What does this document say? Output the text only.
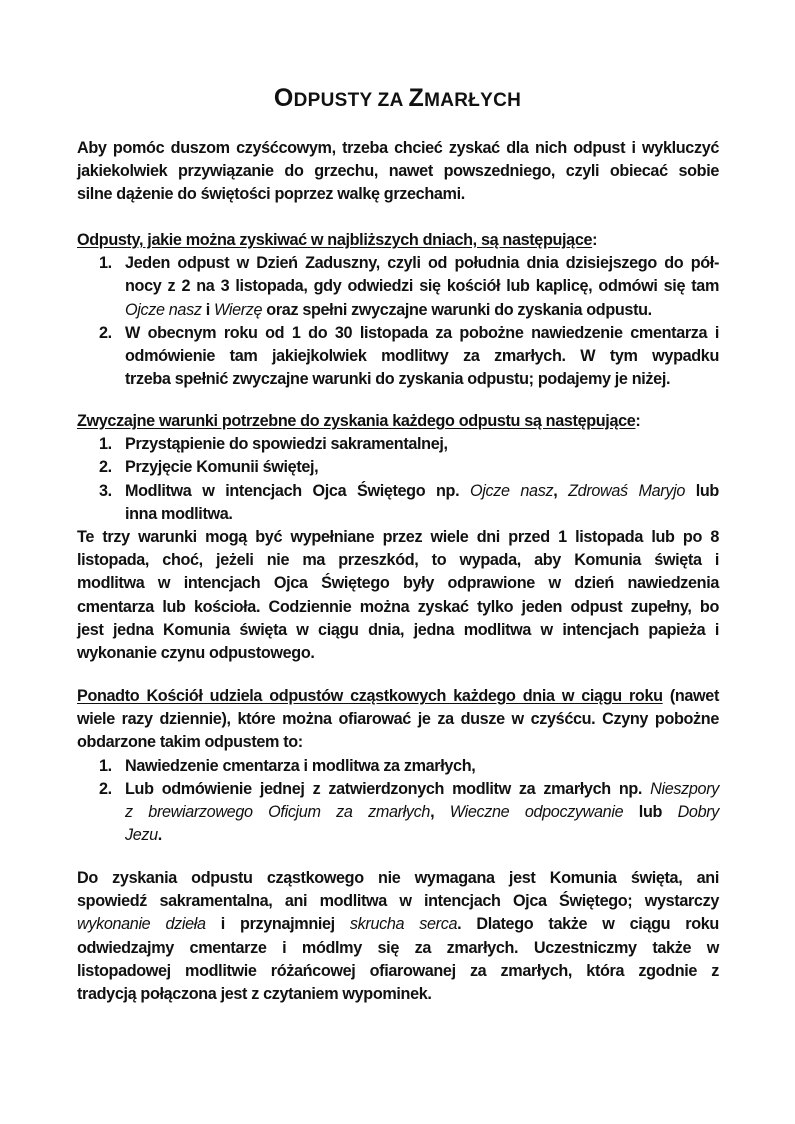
ODPUSTY ZA ZMARŁYCH
Aby pomóc duszom czyśćcowym, trzeba chcieć zyskać dla nich odpust i wykluczyć
jakiekolwiek przywiązanie do grzechu, nawet powszedniego, czyli obiecać sobie
silne dążenie do świętości poprzez walkę grzechami.
Odpusty, jakie można zyskiwać w najbliższych dniach, są następujące:
1. Jeden odpust w Dzień Zaduszny, czyli od południa dnia dzisiejszego do pół-
nocy z 2 na 3 listopada, gdy odwiedzi się kościół lub kaplicę, odmówi się tam
Ojcze nasz i Wierzę oraz spełni zwyczajne warunki do zyskania odpustu.
2. W obecnym roku od 1 do 30 listopada za pobożne nawiedzenie cmentarza i
odmówienie tam jakiejkolwiek modlitwy za zmarłych. W tym wypadku
trzeba spełnić zwyczajne warunki do zyskania odpustu; podajemy je niżej.
Zwyczajne warunki potrzebne do zyskania każdego odpustu są następujące:
1. Przystąpienie do spowiedzi sakramentalnej,
2. Przyjęcie Komunii świętej,
3. Modlitwa w intencjach Ojca Świętego np. Ojcze nasz, Zdrowaś Maryjo lub
inna modlitwa.
Te trzy warunki mogą być wypełniane przez wiele dni przed 1 listopada lub po 8
listopada, choć, jeżeli nie ma przeszkód, to wypada, aby Komunia święta i
modlitwa w intencjach Ojca Świętego były odprawione w dzień nawiedzenia
cmentarza lub kościoła. Codziennie można zyskać tylko jeden odpust zupełny, bo
jest jedna Komunia święta w ciągu dnia, jedna modlitwa w intencjach papieża i
wykonanie czynu odpustowego.
Ponadto Kościół udziela odpustów cząstkowych każdego dnia w ciągu roku (nawet
wiele razy dziennie), które można ofiarować je za dusze w czyśćcu. Czyny pobożne
obdarzone takim odpustem to:
1. Nawiedzenie cmentarza i modlitwa za zmarłych,
2. Lub odmówienie jednej z zatwierdzonych modlitw za zmarłych np. Nieszpory
z brewiarzowego Oficjum za zmarłych, Wieczne odpoczywanie lub Dobry
Jezu.
Do zyskania odpustu cząstkowego nie wymagana jest Komunia święta, ani
spowiedź sakramentalna, ani modlitwa w intencjach Ojca Świętego; wystarczy
wykonanie dzieła i przynajmniej skrucha serca. Dlatego także w ciągu roku
odwiedzajmy cmentarze i módlmy się za zmarłych. Uczestniczmy także w
listopadowej modlitwie różańcowej ofiarowanej za zmarłych, która zgodnie z
tradycją połączona jest z czytaniem wypominek.
